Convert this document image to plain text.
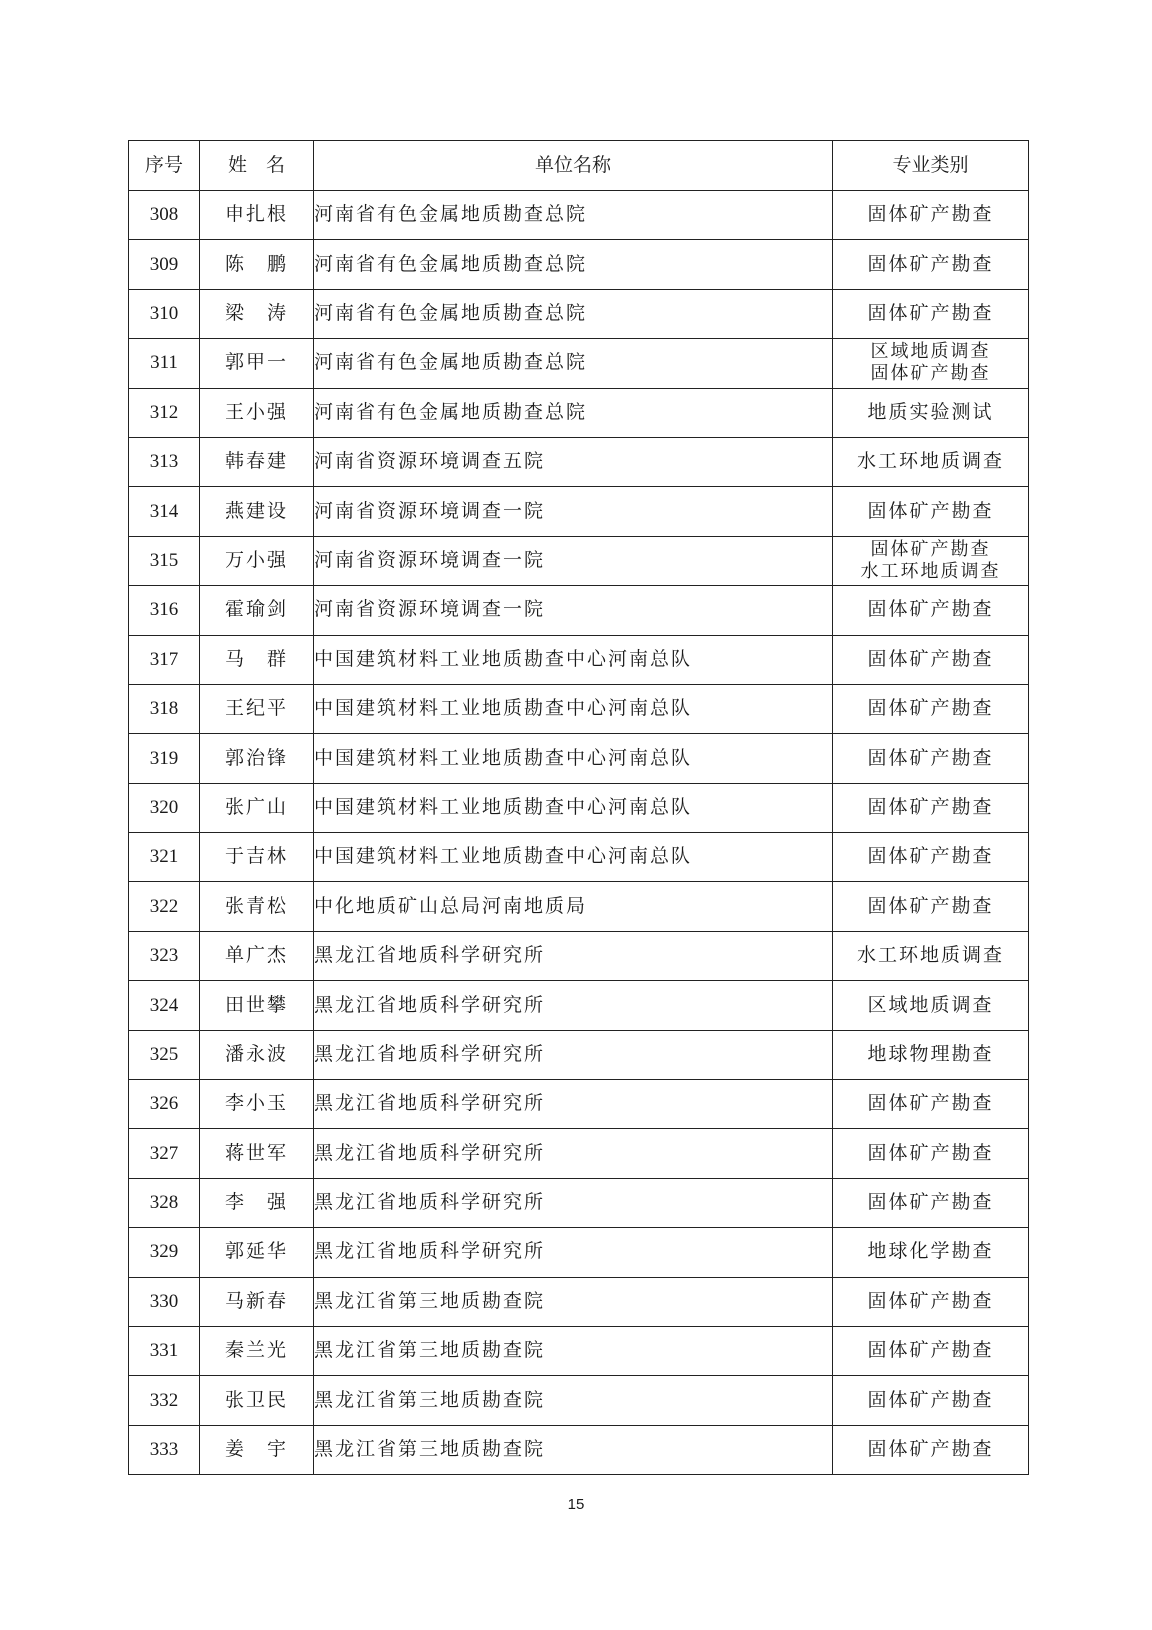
序号	姓　名	单位名称	专业类别
308	申扎根	河南省有色金属地质勘查总院	固体矿产勘查

309	陈　鹏	河南省有色金属地质勘查总院	固体矿产勘查

310	梁　涛	河南省有色金属地质勘查总院	固体矿产勘查

311	郭甲一	河南省有色金属地质勘查总院	区域地质调查
固体矿产勘查

312	王小强	河南省有色金属地质勘查总院	地质实验测试

313	韩春建	河南省资源环境调查五院	水工环地质调查

314	燕建设	河南省资源环境调查一院	固体矿产勘查

315	万小强	河南省资源环境调查一院	固体矿产勘查
水工环地质调查

316	霍瑜剑	河南省资源环境调查一院	固体矿产勘查

317	马　群	中国建筑材料工业地质勘查中心河南总队	固体矿产勘查

318	王纪平	中国建筑材料工业地质勘查中心河南总队	固体矿产勘查

319	郭治锋	中国建筑材料工业地质勘查中心河南总队	固体矿产勘查

320	张广山	中国建筑材料工业地质勘查中心河南总队	固体矿产勘查

321	于吉林	中国建筑材料工业地质勘查中心河南总队	固体矿产勘查

322	张青松	中化地质矿山总局河南地质局	固体矿产勘查

323	单广杰	黑龙江省地质科学研究所	水工环地质调查

324	田世攀	黑龙江省地质科学研究所	区域地质调查

325	潘永波	黑龙江省地质科学研究所	地球物理勘查

326	李小玉	黑龙江省地质科学研究所	固体矿产勘查

327	蒋世军	黑龙江省地质科学研究所	固体矿产勘查

328	李　强	黑龙江省地质科学研究所	固体矿产勘查

329	郭延华	黑龙江省地质科学研究所	地球化学勘查

330	马新春	黑龙江省第三地质勘查院	固体矿产勘查

331	秦兰光	黑龙江省第三地质勘查院	固体矿产勘查

332	张卫民	黑龙江省第三地质勘查院	固体矿产勘查

333	姜　宇	黑龙江省第三地质勘查院	固体矿产勘查
15
